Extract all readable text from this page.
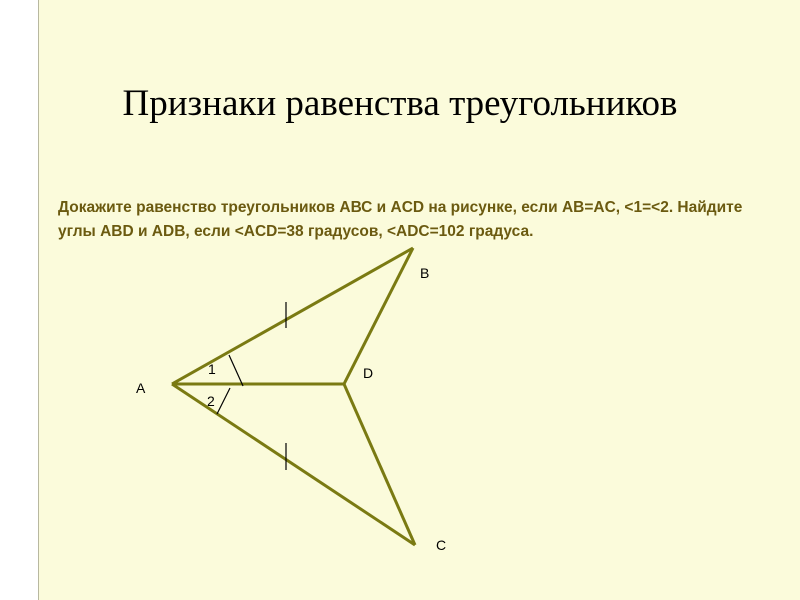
Признаки равенства треугольников

Докажите равенство треугольников АВС и ACD на рисунке, если AB=AC, <1=<2. Найдите углы ABD и ADB, если <ACD=38 градусов, <ADC=102 градуса.

A
B
C
D
1
2
